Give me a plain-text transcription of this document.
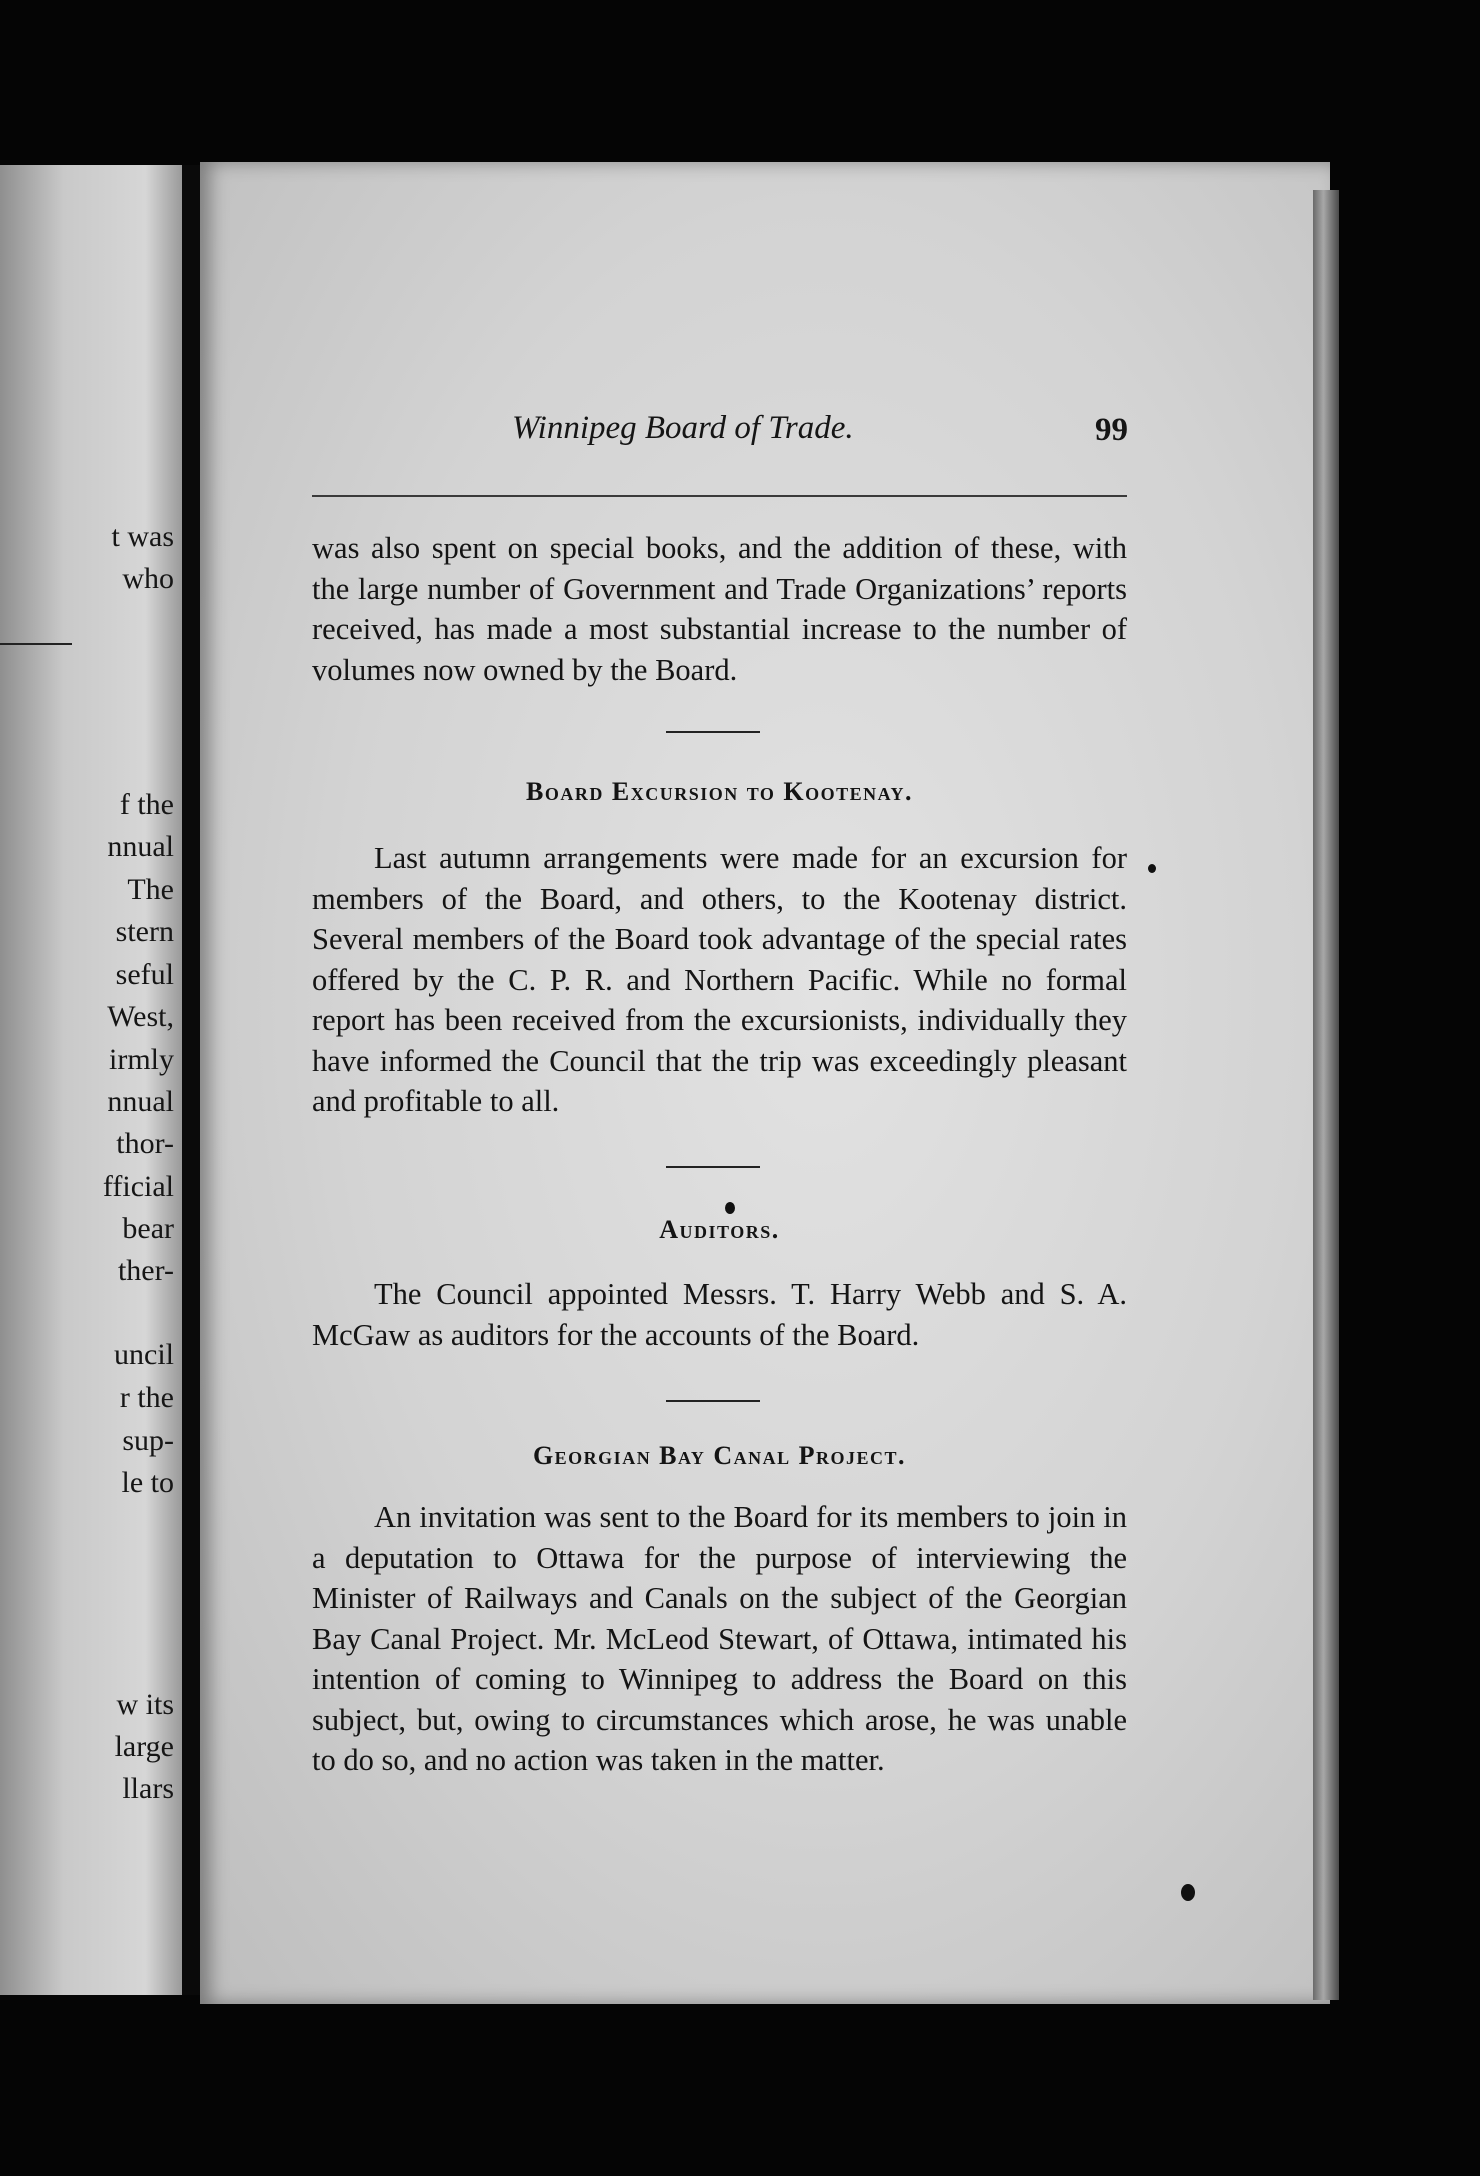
t was
who
f the
nnual
The
stern
seful
West,
irmly
nnual
thor-
fficial
bear
ther-
uncil
r the
sup-
le to
w its
large
llars
Winnipeg Board of Trade.	99

was also spent on special books, and the addition of these, with the large number of Government and Trade Organizations’ reports received, has made a most substantial increase to the number of volumes now owned by the Board.

Board Excursion to Kootenay.

Last autumn arrangements were made for an excursion for members of the Board, and others, to the Kootenay district. Several members of the Board took advantage of the special rates offered by the C. P. R. and Northern Pacific. While no formal report has been received from the excursionists, individually they have informed the Council that the trip was exceedingly pleasant and profitable to all.

Auditors.

The Council appointed Messrs. T. Harry Webb and S. A. McGaw as auditors for the accounts of the Board.

Georgian Bay Canal Project.

An invitation was sent to the Board for its members to join in a deputation to Ottawa for the purpose of interviewing the Minister of Railways and Canals on the subject of the Georgian Bay Canal Project. Mr. McLeod Stewart, of Ottawa, intimated his intention of coming to Winnipeg to address the Board on this subject, but, owing to circumstances which arose, he was unable to do so, and no action was taken in the matter.
